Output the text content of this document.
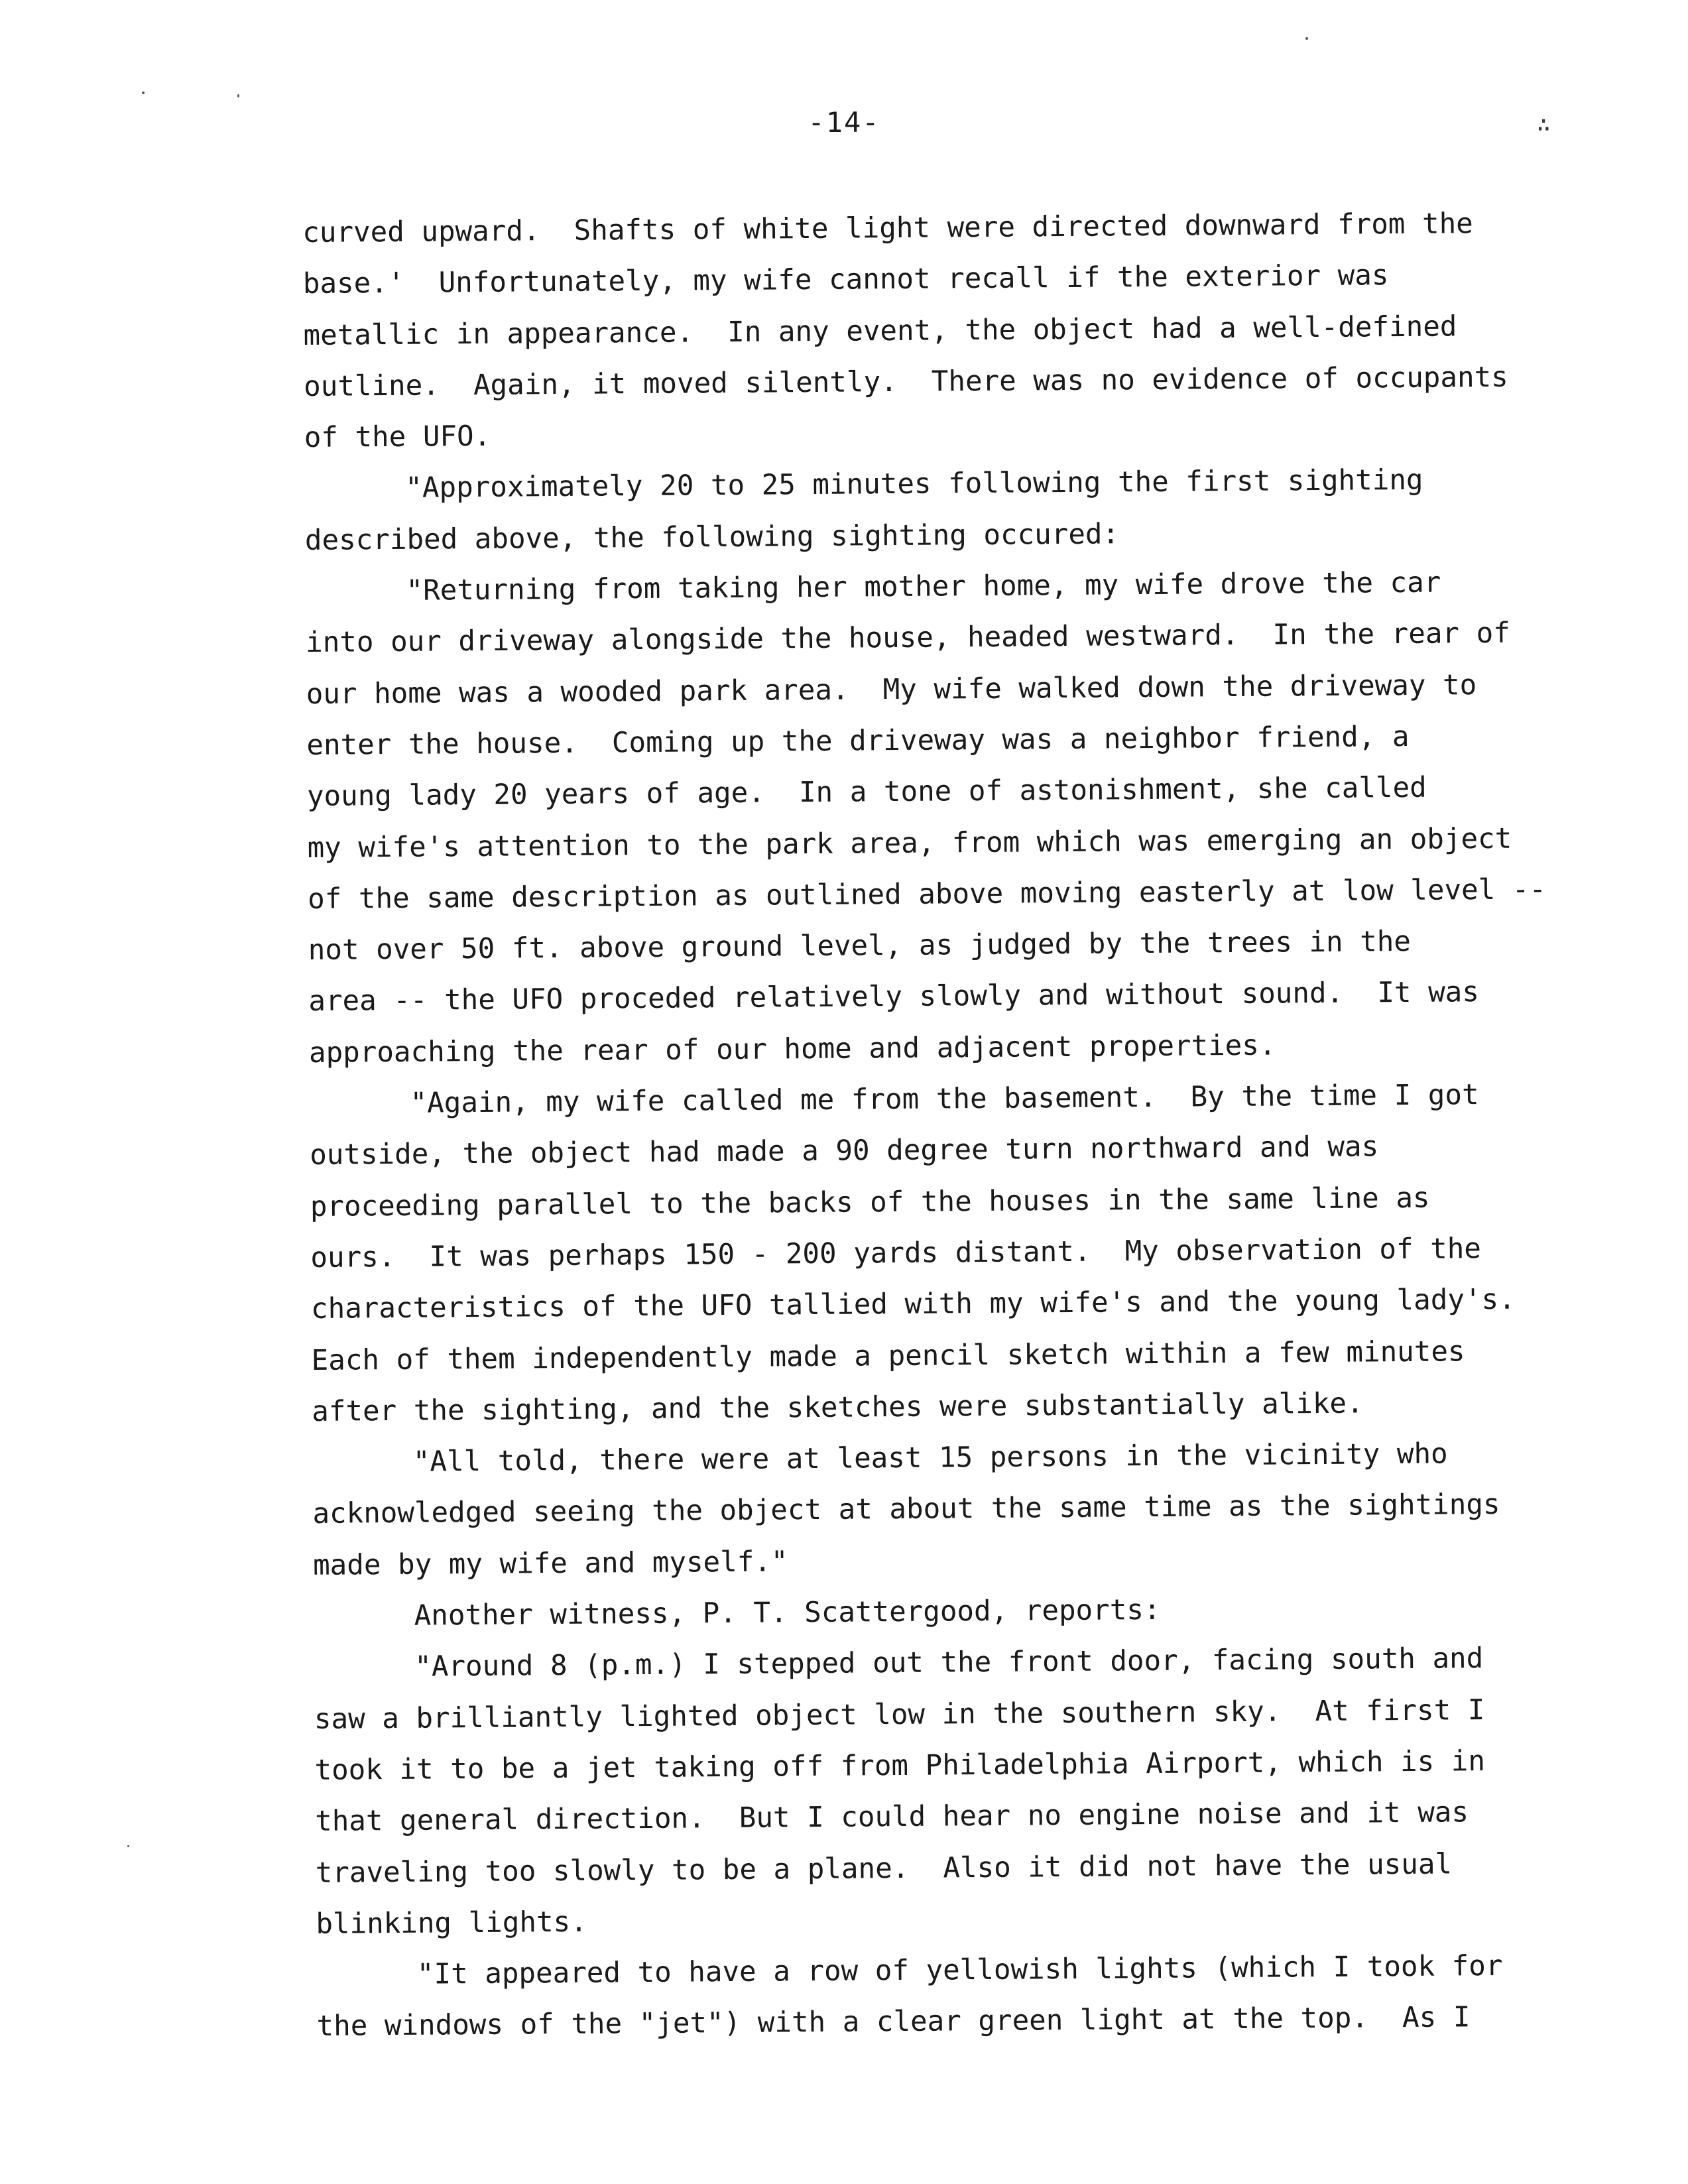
-14-	∴
curved upward.  Shafts of white light were directed downward from the
base.'  Unfortunately, my wife cannot recall if the exterior was
metallic in appearance.  In any event, the object had a well-defined
outline.  Again, it moved silently.  There was no evidence of occupants
of the UFO.
"Approximately 20 to 25 minutes following the first sighting
described above, the following sighting occured:
"Returning from taking her mother home, my wife drove the car
into our driveway alongside the house, headed westward.  In the rear of
our home was a wooded park area.  My wife walked down the driveway to
enter the house.  Coming up the driveway was a neighbor friend, a
young lady 20 years of age.  In a tone of astonishment, she called
my wife's attention to the park area, from which was emerging an object
of the same description as outlined above moving easterly at low level --
not over 50 ft. above ground level, as judged by the trees in the
area -- the UFO proceded relatively slowly and without sound.  It was
approaching the rear of our home and adjacent properties.
"Again, my wife called me from the basement.  By the time I got
outside, the object had made a 90 degree turn northward and was
proceeding parallel to the backs of the houses in the same line as
ours.  It was perhaps 150 - 200 yards distant.  My observation of the
characteristics of the UFO tallied with my wife's and the young lady's.
Each of them independently made a pencil sketch within a few minutes
after the sighting, and the sketches were substantially alike.
"All told, there were at least 15 persons in the vicinity who
acknowledged seeing the object at about the same time as the sightings
made by my wife and myself."
Another witness, P. T. Scattergood, reports:
"Around 8 (p.m.) I stepped out the front door, facing south and
saw a brilliantly lighted object low in the southern sky.  At first I
took it to be a jet taking off from Philadelphia Airport, which is in
that general direction.  But I could hear no engine noise and it was
traveling too slowly to be a plane.  Also it did not have the usual
blinking lights.
"It appeared to have a row of yellowish lights (which I took for
the windows of the "jet") with a clear green light at the top.  As I
